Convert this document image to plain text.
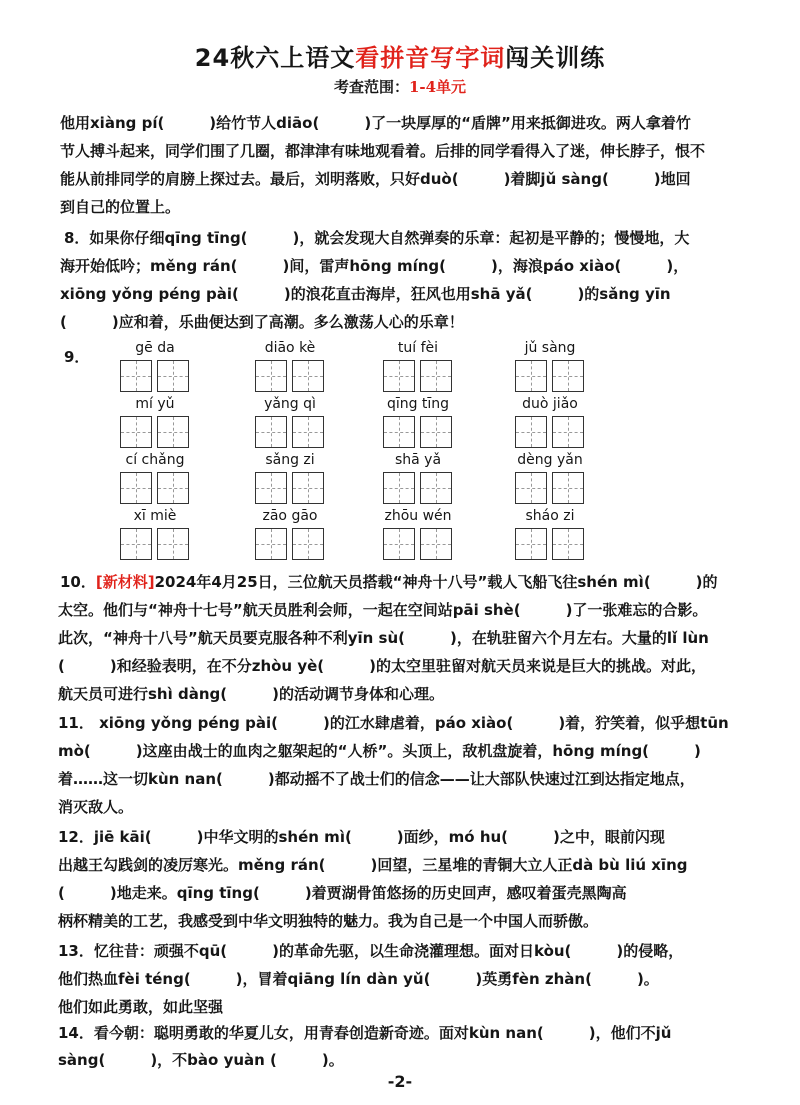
24秋六上语文看拼音写字词闯关训练
考查范围：1-4单元
他用xiàng pí(　　　)给竹节人diāo(　　　)了一块厚厚的“盾牌”用来抵御进攻。两人拿着竹
节人搏斗起来，同学们围了几圈，都津津有味地观看着。后排的同学看得入了迷，伸长脖子，恨不
能从前排同学的肩膀上探过去。最后，刘明落败，只好duò(　　　)着脚jǔ sàng(　　　)地回
到自己的位置上。
8．如果你仔细qīng tīng(　　　)，就会发现大自然弹奏的乐章：起初是平静的；慢慢地，大
海开始低吟；měng rán(　　　)间，雷声hōng míng(　　　)，海浪páo xiào(　　　)，
xiōng yǒng péng pài(　　　)的浪花直击海岸，狂风也用shā yǎ(　　　)的sǎng yīn
(　　　)应和着，乐曲便达到了高潮。多么激荡人心的乐章！
9．	gē da	diāo kè	tuí fèi	jǔ sàng
mí yǔ	yǎng qì	qīng tīng	duò jiǎo
cí chǎng	sǎng zi	shā yǎ	dèng yǎn
xī miè	zāo gāo	zhōu wén	sháo zi
10．[新材料]2024年4月25日，三位航天员搭载“神舟十八号”载人飞船飞往shén mì(　　　)的
太空。他们与“神舟十七号”航天员胜利会师，一起在空间站pāi shè(　　　)了一张难忘的合影。
此次，“神舟十八号”航天员要克服各种不利yīn sù(　　　)，在轨驻留六个月左右。大量的lǐ lùn
(　　　)和经验表明，在不分zhòu yè(　　　)的太空里驻留对航天员来说是巨大的挑战。对此，
航天员可进行shì dàng(　　　)的活动调节身体和心理。
11． xiōng yǒng péng pài(　　　)的江水肆虐着，páo xiào(　　　)着，狞笑着，似乎想tūn
mò(　　　)这座由战士的血肉之躯架起的“人桥”。头顶上，敌机盘旋着，hōng míng(　　　)
着……这一切kùn nan(　　　)都动摇不了战士们的信念——让大部队快速过江到达指定地点，
消灭敌人。
12．jiē kāi(　　　)中华文明的shén mì(　　　)面纱，mó hu(　　　)之中，眼前闪现
出越王勾践剑的凌厉寒光。měng rán(　　　)回望，三星堆的青铜大立人正dà bù liú xīng
(　　　)地走来。qīng tīng(　　　)着贾湖骨笛悠扬的历史回声，感叹着蛋壳黑陶高
柄杯精美的工艺，我感受到中华文明独特的魅力。我为自己是一个中国人而骄傲。
13．忆往昔：顽强不qū(　　　)的革命先驱，以生命浇灌理想。面对日kòu(　　　)的侵略，
他们热血fèi téng(　　　)，冒着qiāng lín dàn yǔ(　　　)英勇fèn zhàn(　　　)。
他们如此勇敢，如此坚强
14．看今朝：聪明勇敢的华夏儿女，用青春创造新奇迹。面对kùn nan(　　　)，他们不jǔ
sàng(　　　)，不bào yuàn (　　　)。
-2-
